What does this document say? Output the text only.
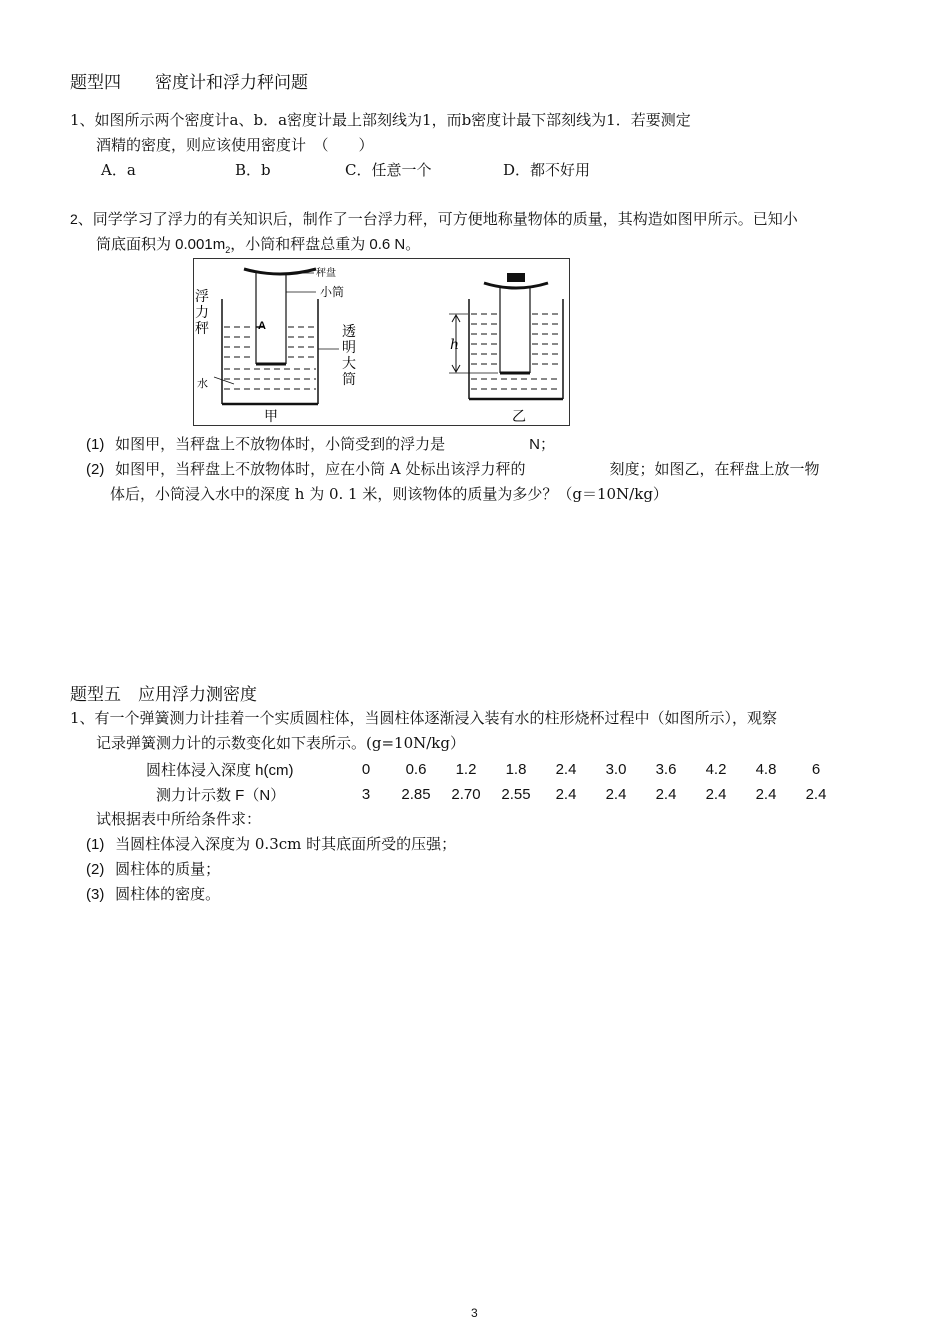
题型四　　密度计和浮力秤问题
1、如图所示两个密度计a、b．a密度计最上部刻线为1，而b密度计最下部刻线为1．若要测定
酒精的密度，则应该使用密度计　（　　）
A．a	B．b	C．任意一个	D．都不好用
2、同学学习了浮力的有关知识后，制作了一台浮力秤，可方便地称量物体的质量，其构造如图甲所示。已知小
筒底面积为 $0.001m_2$，小筒和秤盘总重为 0.6 N。
秤盘
小筒
A
水
甲
浮
力
秤	透
明
大
筒
h
乙
(1) 如图甲，当秤盘上不放物体时，小筒受到的浮力是	N；
(2) 如图甲，当秤盘上不放物体时，应在小筒 A 处标出该浮力秤的	刻度；如图乙，在秤盘上放一物
体后，小筒浸入水中的深度 h 为 0. 1 米，则该物体的质量为多少？（g＝10N/kg）
题型五　应用浮力测密度
1、有一个弹簧测力计挂着一个实质圆柱体，当圆柱体逐渐浸入装有水的柱形烧杯过程中（如图所示），观察
记录弹簧测力计的示数变化如下表所示。(g=10N/kg）
圆柱体浸入深度 h(cm)	0	0.6	1.2	1.8	2.4	3.0	3.6	4.2	4.8	6
测力计示数 F（N）	3	2.85	2.70	2.55	2.4	2.4	2.4	2.4	2.4	2.4
试根据表中所给条件求：
(1) 当圆柱体浸入深度为 0.3cm 时其底面所受的压强；
(2) 圆柱体的质量；
(3) 圆柱体的密度。
3
